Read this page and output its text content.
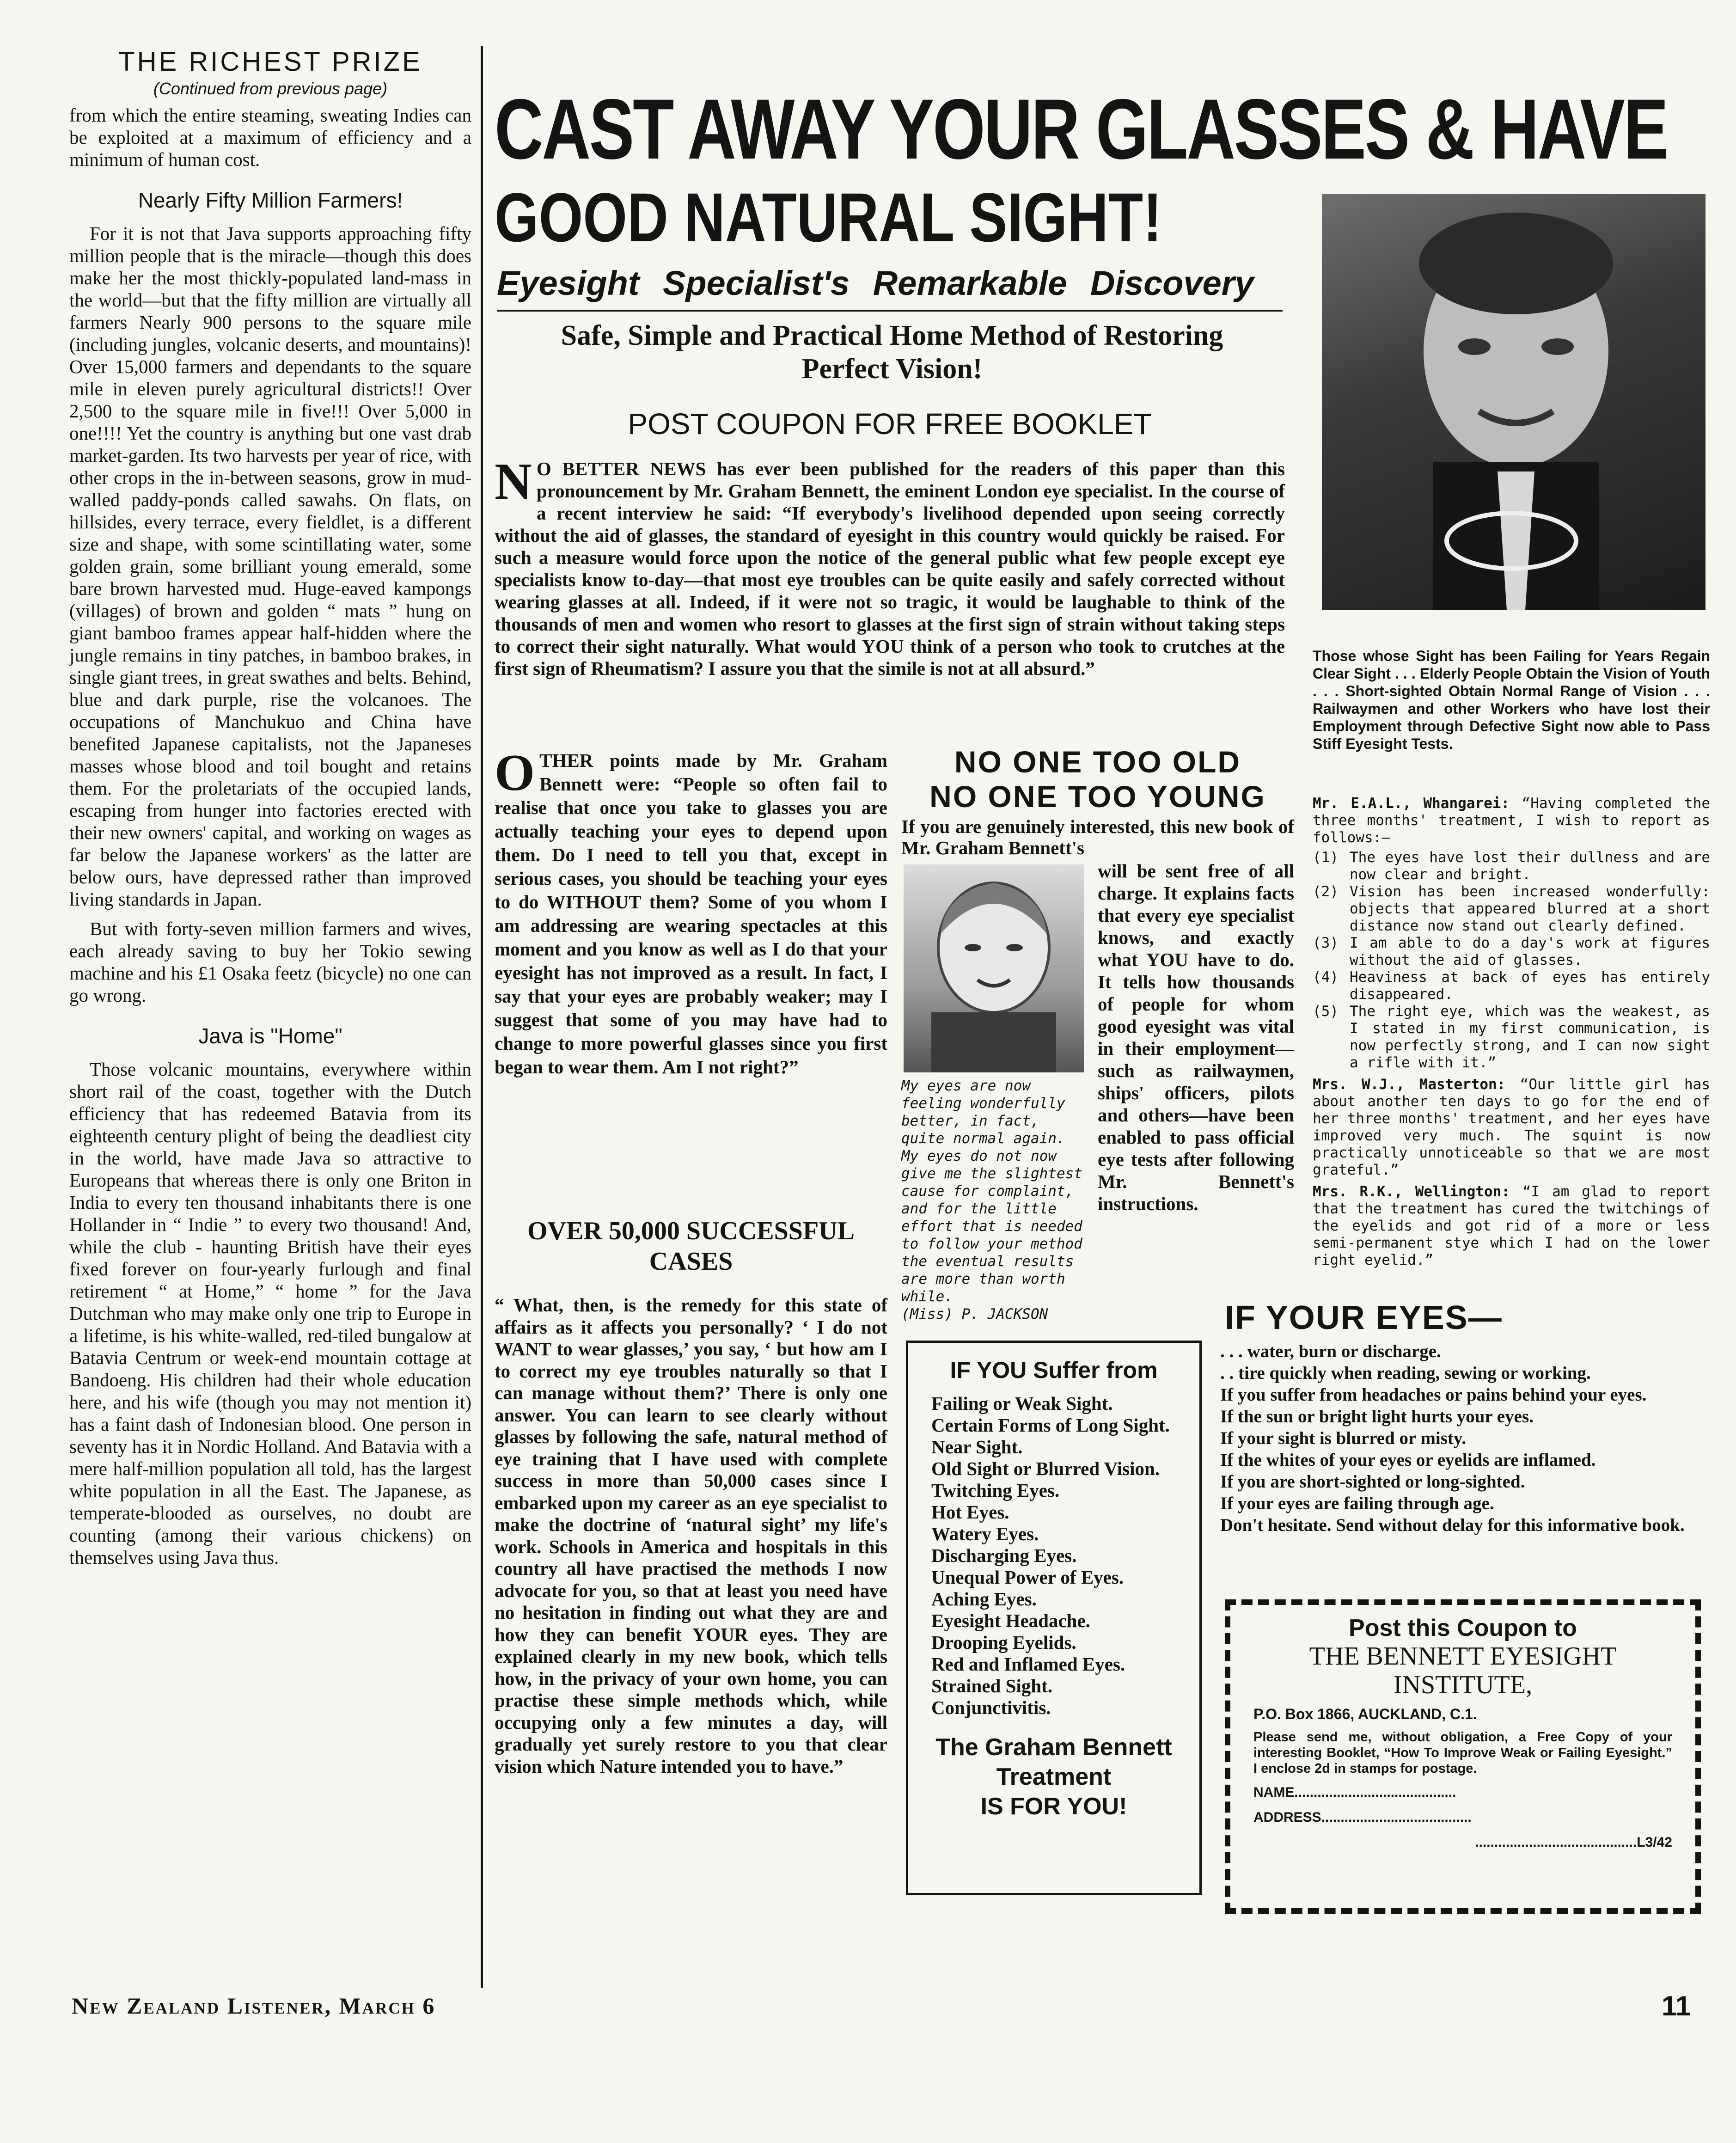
THE RICHEST PRIZE
(Continued from previous page)

from which the entire steaming, sweating Indies can be exploited at a maximum of efficiency and a minimum of human cost.

Nearly Fifty Million Farmers!

For it is not that Java supports approaching fifty million people that is the miracle—though this does make her the most thickly-populated land-mass in the world—but that the fifty million are virtually all farmers Nearly 900 persons to the square mile (including jungles, volcanic deserts, and mountains)! Over 15,000 farmers and dependants to the square mile in eleven purely agricultural districts!! Over 2,500 to the square mile in five!!! Over 5,000 in one!!!! Yet the country is anything but one vast drab market-garden. Its two harvests per year of rice, with other crops in the in-between seasons, grow in mud-walled paddy-ponds called sawahs. On flats, on hillsides, every terrace, every fieldlet, is a different size and shape, with some scintillating water, some golden grain, some brilliant young emerald, some bare brown harvested mud. Huge-eaved kampongs (villages) of brown and golden “ mats ” hung on giant bamboo frames appear half-hidden where the jungle remains in tiny patches, in bamboo brakes, in single giant trees, in great swathes and belts. Behind, blue and dark purple, rise the volcanoes. The occupations of Manchukuo and China have benefited Japanese capitalists, not the Japaneses masses whose blood and toil bought and retains them. For the proletariats of the occupied lands, escaping from hunger into factories erected with their new owners' capital, and working on wages as far below the Japanese workers' as the latter are below ours, have depressed rather than improved living standards in Japan.

But with forty-seven million farmers and wives, each already saving to buy her Tokio sewing machine and his £1 Osaka feetz (bicycle) no one can go wrong.

Java is "Home"

Those volcanic mountains, everywhere within short rail of the coast, together with the Dutch efficiency that has redeemed Batavia from its eighteenth century plight of being the deadliest city in the world, have made Java so attractive to Europeans that whereas there is only one Briton in India to every ten thousand inhabitants there is one Hollander in “ Indie ” to every two thousand! And, while the club - haunting British have their eyes fixed forever on four-yearly furlough and final retirement “ at Home,” “ home ” for the Java Dutchman who may make only one trip to Europe in a lifetime, is his white-walled, red-tiled bungalow at Batavia Centrum or week-end mountain cottage at Bandoeng. His children had their whole education here, and his wife (though you may not mention it) has a faint dash of Indonesian blood. One person in seventy has it in Nordic Holland. And Batavia with a mere half-million population all told, has the largest white population in all the East. The Japanese, as temperate-blooded as ourselves, no doubt are counting (among their various chickens) on themselves using Java thus.

CAST AWAY YOUR GLASSES & HAVE
GOOD NATURAL SIGHT!
Eyesight Specialist's Remarkable Discovery
Safe, Simple and Practical Home Method of Restoring Perfect Vision!
POST COUPON FOR FREE BOOKLET
Those whose Sight has been Failing for Years Regain Clear Sight . . . Elderly People Obtain the Vision of Youth . . . Short-sighted Obtain Normal Range of Vision . . . Railwaymen and other Workers who have lost their Employment through Defective Sight now able to Pass Stiff Eyesight Tests.
N O BETTER NEWS has ever been published for the readers of this paper than this pronouncement by Mr. Graham Bennett, the eminent London eye specialist. In the course of a recent interview he said: “If everybody's livelihood depended upon seeing correctly without the aid of glasses, the standard of eyesight in this country would quickly be raised. For such a measure would force upon the notice of the general public what few people except eye specialists know to-day—that most eye troubles can be quite easily and safely corrected without wearing glasses at all. Indeed, if it were not so tragic, it would be laughable to think of the thousands of men and women who resort to glasses at the first sign of strain without taking steps to correct their sight naturally. What would YOU think of a person who took to crutches at the first sign of Rheumatism? I assure you that the simile is not at all absurd.”
OTHER points made by Mr. Graham Bennett were: “People so often fail to realise that once you take to glasses you are actually teaching your eyes to depend upon them. Do I need to tell you that, except in serious cases, you should be teaching your eyes to do WITHOUT them? Some of you whom I am addressing are wearing spectacles at this moment and you know as well as I do that your eyesight has not improved as a result. In fact, I say that your eyes are probably weaker; may I suggest that some of you may have had to change to more powerful glasses since you first began to wear them. Am I not right?”
OVER 50,000 SUCCESSFUL CASES
“ What, then, is the remedy for this state of affairs as it affects you personally? ‘ I do not WANT to wear glasses,’ you say, ‘ but how am I to correct my eye troubles naturally so that I can manage without them?’ There is only one answer. You can learn to see clearly without glasses by following the safe, natural method of eye training that I have used with complete success in more than 50,000 cases since I embarked upon my career as an eye specialist to make the doctrine of ‘natural sight’ my life's work. Schools in America and hospitals in this country all have practised the methods I now advocate for you, so that at least you need have no hesitation in finding out what they are and how they can benefit YOUR eyes. They are explained clearly in my new book, which tells how, in the privacy of your own home, you can practise these simple methods which, while occupying only a few minutes a day, will gradually yet surely restore to you that clear vision which Nature intended you to have.”
NO ONE TOO OLD
NO ONE TOO YOUNG
If you are genuinely interested, this new book of Mr. Graham Bennett's
My eyes are now feeling wonderfully better, in fact, quite normal again. My eyes do not now give me the slightest cause for complaint, and for the little effort that is needed to follow your method the eventual results are more than worth while.
(Miss) P. JACKSON
will be sent free of all charge. It explains facts that every eye specialist knows, and exactly what YOU have to do. It tells how thousands of people for whom good eyesight was vital in their employment—such as railwaymen, ships' officers, pilots and others—have been enabled to pass official eye tests after following Mr. Bennett's instructions.
IF YOU Suffer from
Failing or Weak Sight.
Certain Forms of Long Sight.
Near Sight.
Old Sight or Blurred Vision.
Twitching Eyes.
Hot Eyes.
Watery Eyes.
Discharging Eyes.
Unequal Power of Eyes.
Aching Eyes.
Eyesight Headache.
Drooping Eyelids.
Red and Inflamed Eyes.
Strained Sight.
Conjunctivitis.
The Graham Bennett
Treatment
IS FOR YOU!
Mr. E.A.L., Whangarei: “Having completed the three months' treatment, I wish to report as follows:—
(1) The eyes have lost their dullness and are now clear and bright.
(2) Vision has been increased wonderfully: objects that appeared blurred at a short distance now stand out clearly defined.
(3) I am able to do a day's work at figures without the aid of glasses.
(4) Heaviness at back of eyes has entirely disappeared.
(5) The right eye, which was the weakest, as I stated in my first communication, is now perfectly strong, and I can now sight a rifle with it.”
Mrs. W.J., Masterton: “Our little girl has about another ten days to go for the end of her three months' treatment, and her eyes have improved very much. The squint is now practically unnoticeable so that we are most grateful.”
Mrs. R.K., Wellington: “I am glad to report that the treatment has cured the twitchings of the eyelids and got rid of a more or less semi-permanent stye which I had on the lower right eyelid.”
IF YOUR EYES—
. . . water, burn or discharge.
. . tire quickly when reading, sewing or working.
If you suffer from headaches or pains behind your eyes.
If the sun or bright light hurts your eyes.
If your sight is blurred or misty.
If the whites of your eyes or eyelids are inflamed.
If you are short-sighted or long-sighted.
If your eyes are failing through age.
Don't hesitate. Send without delay for this informative book.
Post this Coupon to
THE BENNETT EYESIGHT
INSTITUTE,
P.O. Box 1866, AUCKLAND, C.1.
Please send me, without obligation, a Free Copy of your interesting Booklet, “How To Improve Weak or Failing Eyesight.” I enclose 2d in stamps for postage.
NAME..........................................
ADDRESS.......................................
..........................................L3/42
New Zealand Listener, March 6	11
